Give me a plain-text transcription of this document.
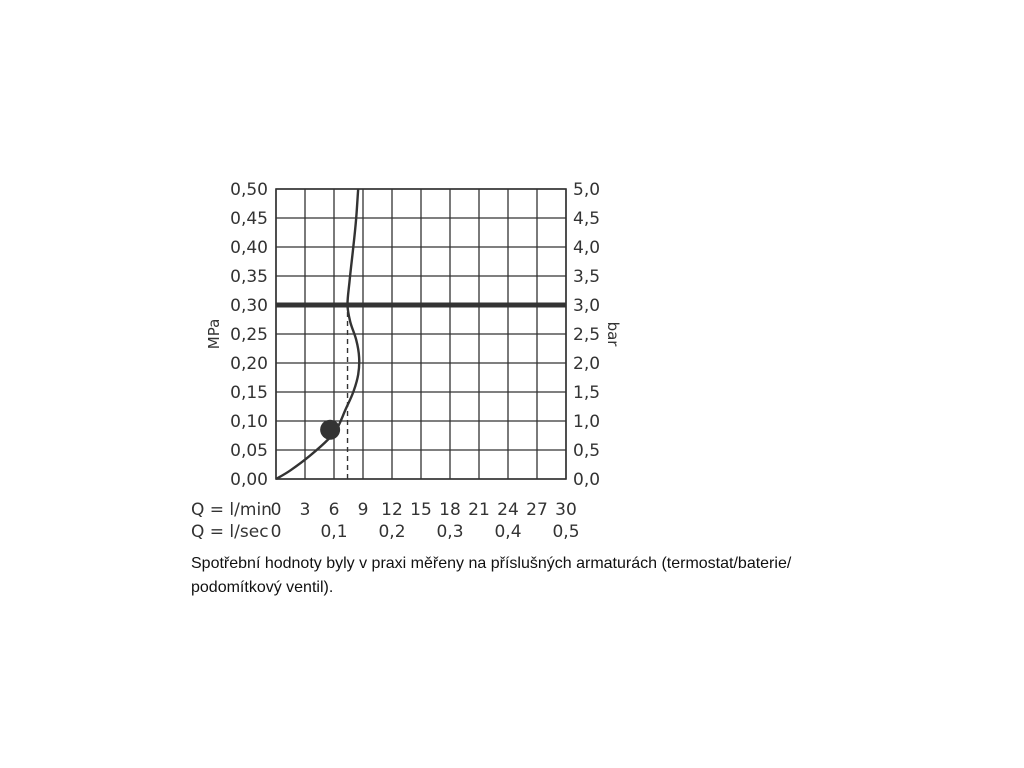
0,00
0,05
0,10
0,15
0,20
0,25
0,30
0,35
0,40
0,45
0,50
0,0
0,5
1,0
1,5
2,0
2,5
3,0
3,5
4,0
4,5
5,0
0 3 6 9 12 15 18 21 24 27 30
0 0,1 0,2 0,3 0,4 0,5
Q = l/min
Q = l/sec
MPa	bar
Spotřební hodnoty byly v praxi měřeny na příslušných armaturách (termostat/baterie/
podomítkový ventil).
